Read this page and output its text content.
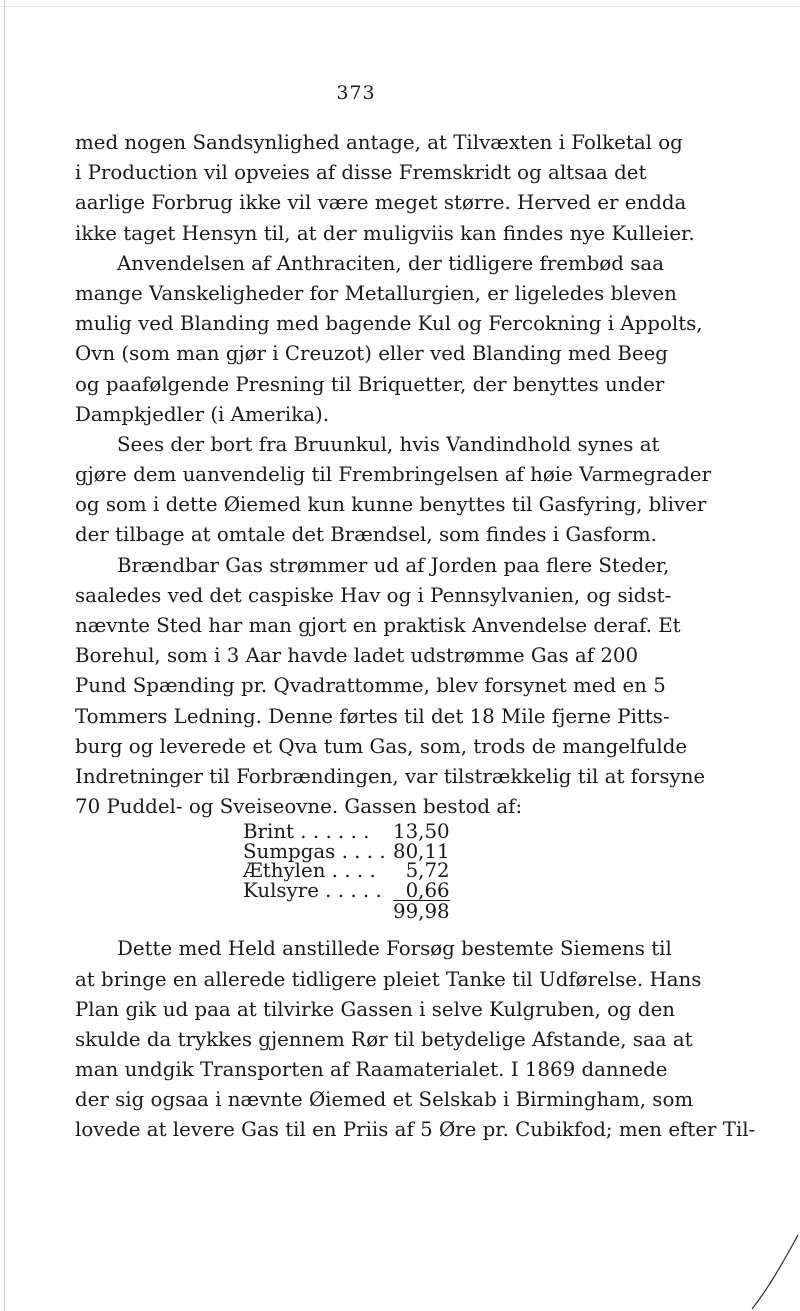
373
med nogen Sandsynlighed antage, at Tilvæxten i Folketal og
i Production vil opveies af disse Fremskridt og altsaa det
aarlige Forbrug ikke vil være meget større. Herved er endda
ikke taget Hensyn til, at der muligviis kan findes nye Kulleier.
Anvendelsen af Anthraciten, der tidligere frembød saa
mange Vanskeligheder for Metallurgien, er ligeledes bleven
mulig ved Blanding med bagende Kul og Fercokning i Appolts,
Ovn (som man gjør i Creuzot) eller ved Blanding med Beeg
og paafølgende Presning til Briquetter, der benyttes under
Dampkjedler (i Amerika).
Sees der bort fra Bruunkul, hvis Vandindhold synes at
gjøre dem uanvendelig til Frembringelsen af høie Varmegrader
og som i dette Øiemed kun kunne benyttes til Gasfyring, bliver
der tilbage at omtale det Brændsel, som findes i Gasform.
Brændbar Gas strømmer ud af Jorden paa flere Steder,
saaledes ved det caspiske Hav og i Pennsylvanien, og sidst-
nævnte Sted har man gjort en praktisk Anvendelse deraf. Et
Borehul, som i 3 Aar havde ladet udstrømme Gas af 200
Pund Spænding pr. Qvadrattomme, blev forsynet med en 5
Tommers Ledning. Denne førtes til det 18 Mile fjerne Pitts-
burg og leverede et Qva tum Gas, som, trods de mangelfulde
Indretninger til Forbrændingen, var tilstrækkelig til at forsyne
70 Puddel- og Sveiseovne. Gassen bestod af:
Brint . . . . . .	13,50
Sumpgas . . . .	80,11
Æthylen . . . .	5,72
Kulsyre . . . . .	0,66
	99,98
Dette med Held anstillede Forsøg bestemte Siemens til
at bringe en allerede tidligere pleiet Tanke til Udførelse. Hans
Plan gik ud paa at tilvirke Gassen i selve Kulgruben, og den
skulde da trykkes gjennem Rør til betydelige Afstande, saa at
man undgik Transporten af Raamaterialet. I 1869 dannede
der sig ogsaa i nævnte Øiemed et Selskab i Birmingham, som
lovede at levere Gas til en Priis af 5 Øre pr. Cubikfod; men efter Til-
